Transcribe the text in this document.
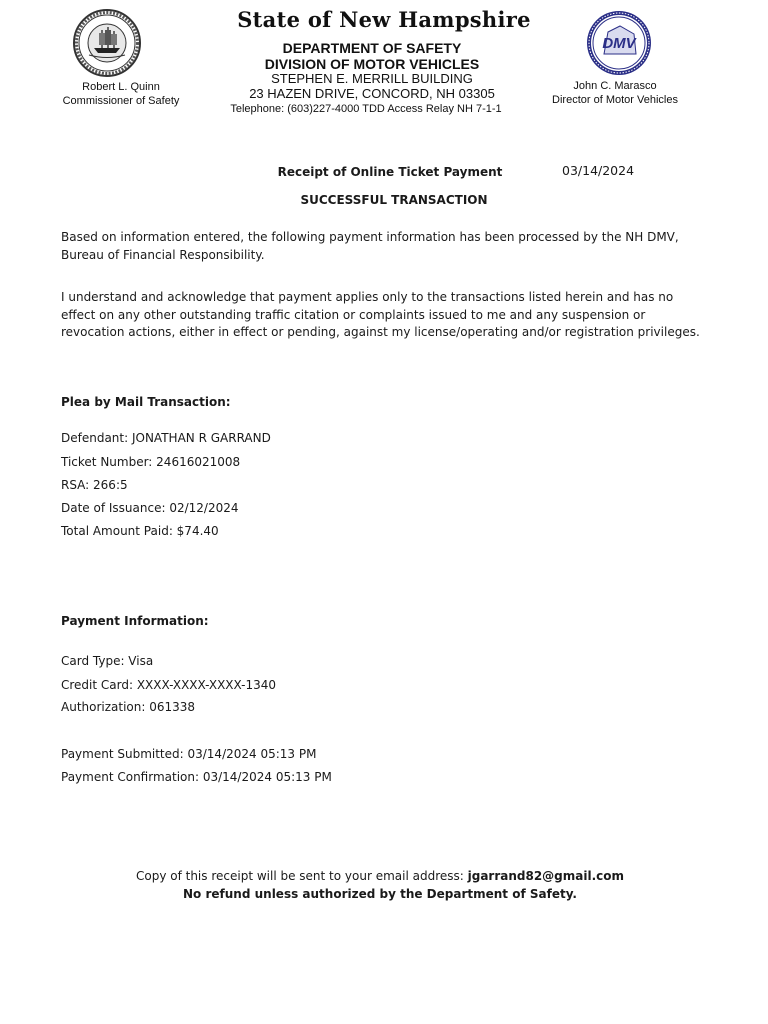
Robert L. Quinn
Commissioner of Safety
State of New Hampshire
DEPARTMENT OF SAFETY
DIVISION OF MOTOR VEHICLES
STEPHEN E. MERRILL BUILDING
23 HAZEN DRIVE, CONCORD, NH 03305
Telephone: (603)227-4000 TDD Access Relay NH 7-1-1
DMV
John C. Marasco
Director of Motor Vehicles
Receipt of Online Ticket Payment	03/14/2024
SUCCESSFUL TRANSACTION
Based on information entered, the following payment information has been processed by the NH DMV, Bureau of Financial Responsibility.
I understand and acknowledge that payment applies only to the transactions listed herein and has no effect on any other outstanding traffic citation or complaints issued to me and any suspension or revocation actions, either in effect or pending, against my license/operating and/or registration privileges.
Plea by Mail Transaction:
Defendant: JONATHAN R GARRAND
Ticket Number: 24616021008
RSA: 266:5
Date of Issuance: 02/12/2024
Total Amount Paid: $74.40
Payment Information:
Card Type: Visa
Credit Card: XXXX-XXXX-XXXX-1340
Authorization: 061338
Payment Submitted: 03/14/2024 05:13 PM
Payment Confirmation: 03/14/2024 05:13 PM
Copy of this receipt will be sent to your email address: jgarrand82@gmail.com
No refund unless authorized by the Department of Safety.
